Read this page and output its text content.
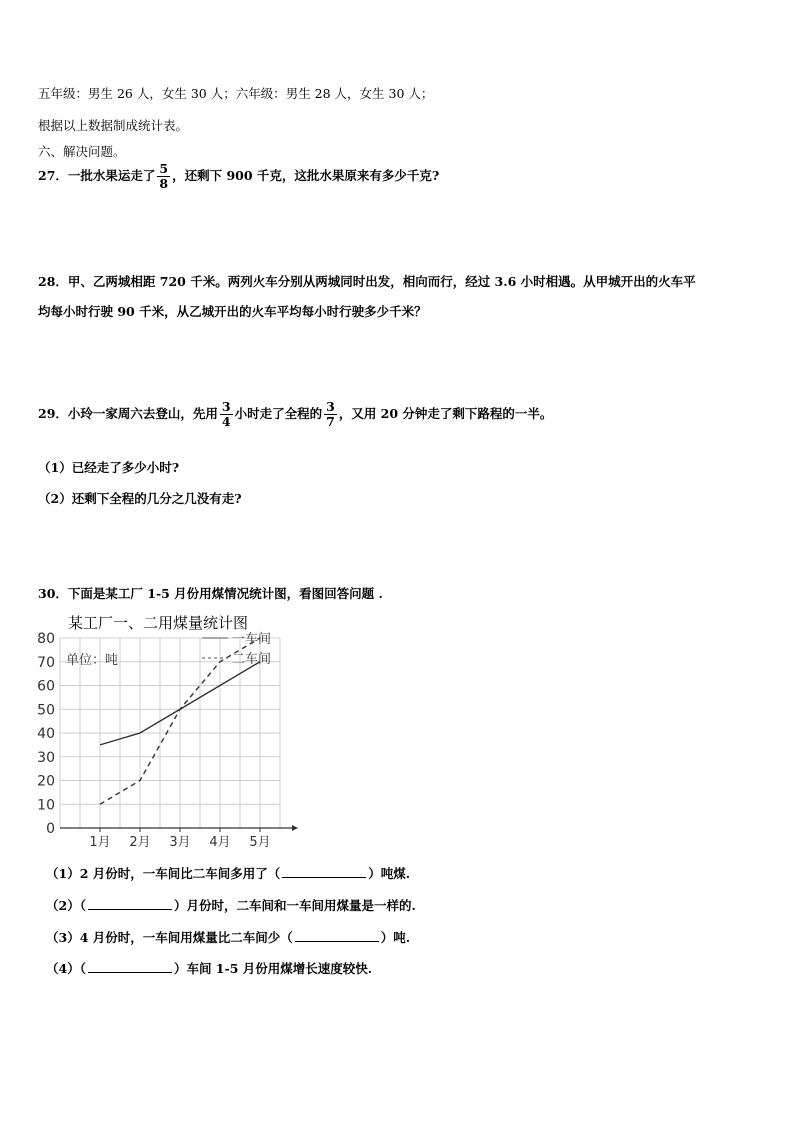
五年级：男生 26 人，女生 30 人；六年级：男生 28 人，女生 30 人；
根据以上数据制成统计表。
六、解决问题。
27．一批水果运走了 $\frac{5}{8}$ ，还剩下 900 千克，这批水果原来有多少千克?
28．甲、乙两城相距 720 千米。两列火车分别从两城同时出发，相向而行，经过 3.6 小时相遇。从甲城开出的火车平
均每小时行驶 90 千米，从乙城开出的火车平均每小时行驶多少千米？
29．小玲一家周六去登山，先用 $\frac{3}{4}$ 小时走了全程的 $\frac{3}{7}$ ，又用 20 分钟走了剩下路程的一半。
（1）已经走了多少小时?
（2）还剩下全程的几分之几没有走?
30．下面是某工厂 1-5 月份用煤情况统计图，看图回答问题 .
某工厂一、二用煤量统计图
0
10
20
30
40
50
60
70
80
1月 2月 3月 4月 5月
一车间
二车间
单位：吨
（1）2 月份时，一车间比二车间多用了（	）吨煤.
（2）（	）月份时，二车间和一车间用煤量是一样的.
（3）4 月份时，一车间用煤量比二车间少（	）吨.
（4）（	）车间 1-5 月份用煤增长速度较快.
